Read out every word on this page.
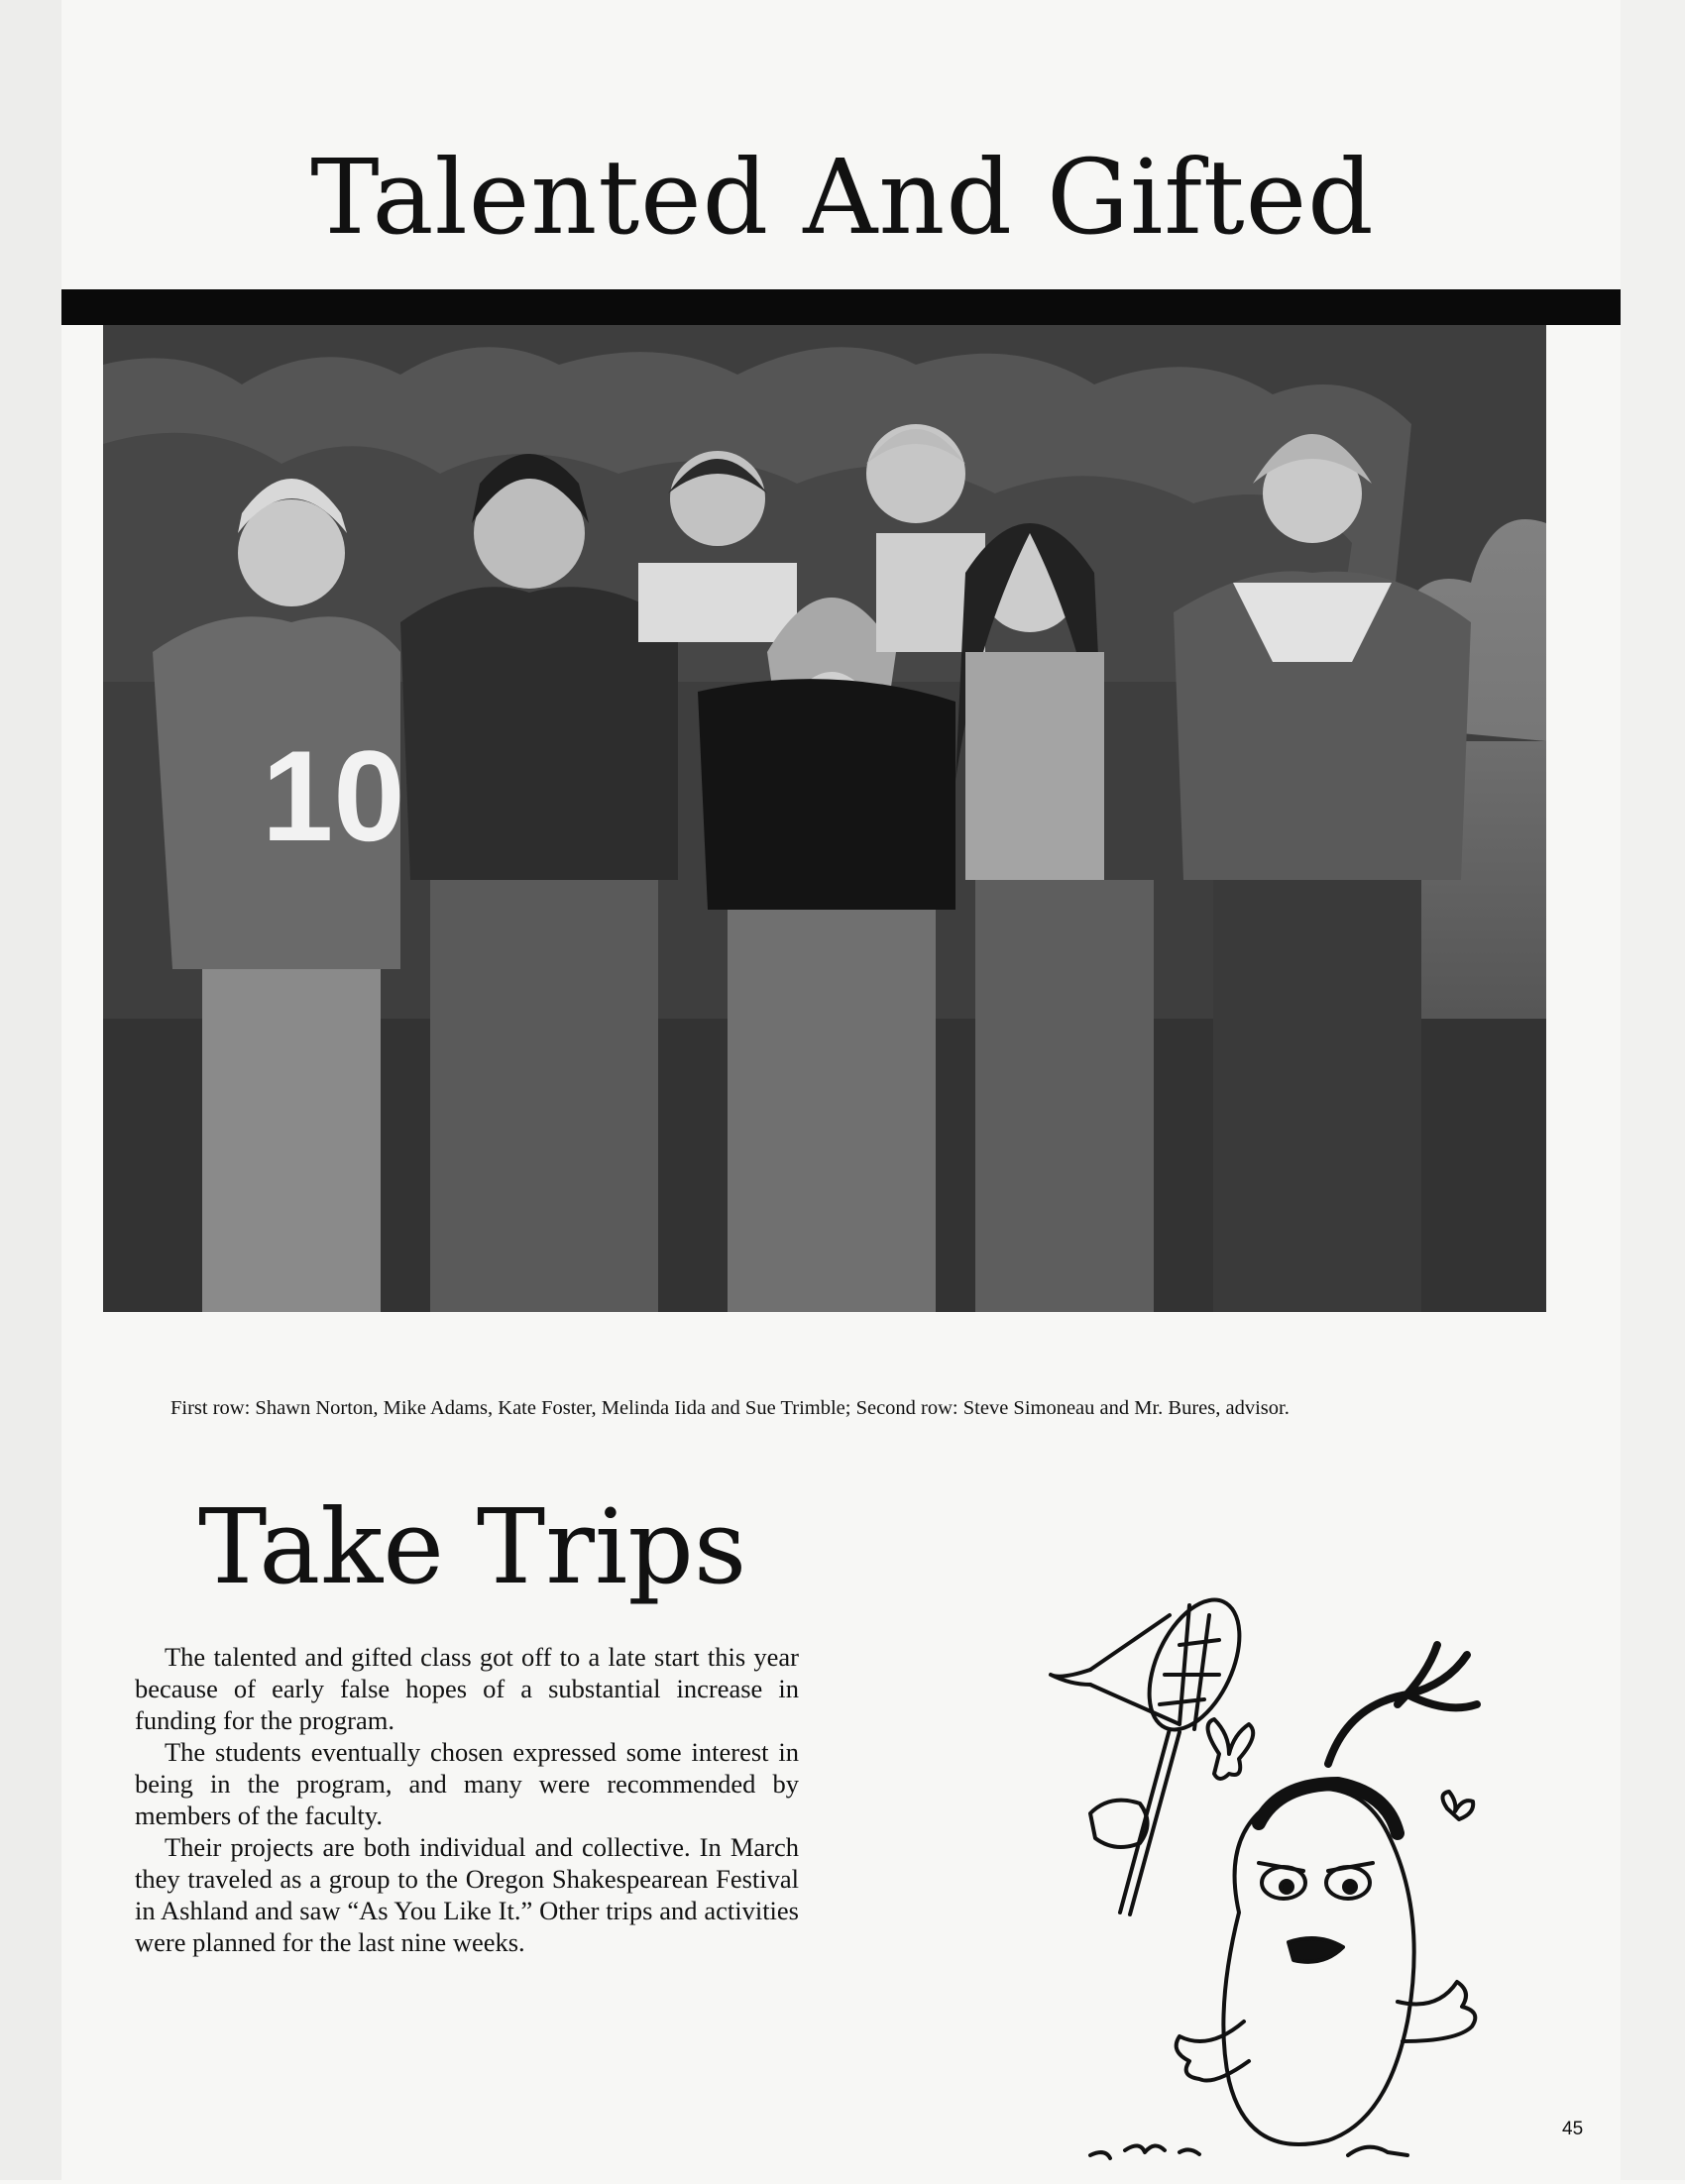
Talented And Gifted
10
First row: Shawn Norton, Mike Adams, Kate Foster, Melinda Iida and Sue Trimble; Second row: Steve Simoneau and Mr. Bures, advisor.
Take Trips

The talented and gifted class got off to a late start this year because of early false hopes of a substantial increase in funding for the program.

The students eventually chosen expressed some interest in being in the program, and many were recommended by members of the faculty.

Their projects are both individual and collective. In March they traveled as a group to the Oregon Shakespearean Festival in Ashland and saw “As You Like It.” Other trips and activities were planned for the last nine weeks.

45
